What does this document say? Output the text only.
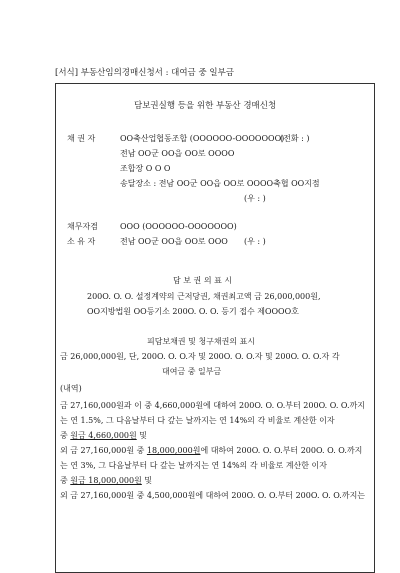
[서식] 부동산임의경매신청서 : 대여금 중 일부금
담보권실행 등을 위한 부동산 경매신청
채 권 자	OO축산업협동조합 (OOOOOO-OOOOOOO)
(전화 : )
전남 OO군 OO읍 OO로 OOOO
조합장 O O O
송달장소 : 전남 OO군 OO읍 OO로 OOOO축협 OO지점
(우 : )
채무자겸	OOO (OOOOOO-OOOOOOO)
소 유 자	전남 OO군 OO읍 OO로 OOO (우 : )
담 보 권 의 표 시
200O. O. O. 설정계약의 근저당권, 채권최고액 금 26,000,000원,
OO지방법원 OO등기소 200O. O. O. 등기 접수 제OOOO호
피담보채권 및 청구채권의 표시
금 26,000,000원, 단, 200O. O. O.자 및 200O. O. O.자 및 200O. O. O.자 각
대여금 중 일부금
(내역)
금 27,160,000원과 이 중 4,660,000원에 대하여 200O. O. O.부터 200O. O. O.까지
는 연 1.5%, 그 다음날부터 다 갚는 날까지는 연 14%의 각 비율로 계산한 이자
중 원금 4,660,000원 및
외 금 27,160,000원 중 18,000,000원에 대하여 200O. O. O.부터 200O. O. O.까지
는 연 3%, 그 다음날부터 다 갚는 날까지는 연 14%의 각 비율로 계산한 이자
중 원금 18,000,000원 및
외 금 27,160,000원 중 4,500,000원에 대하여 200O. O. O.부터 200O. O. O.까지는
